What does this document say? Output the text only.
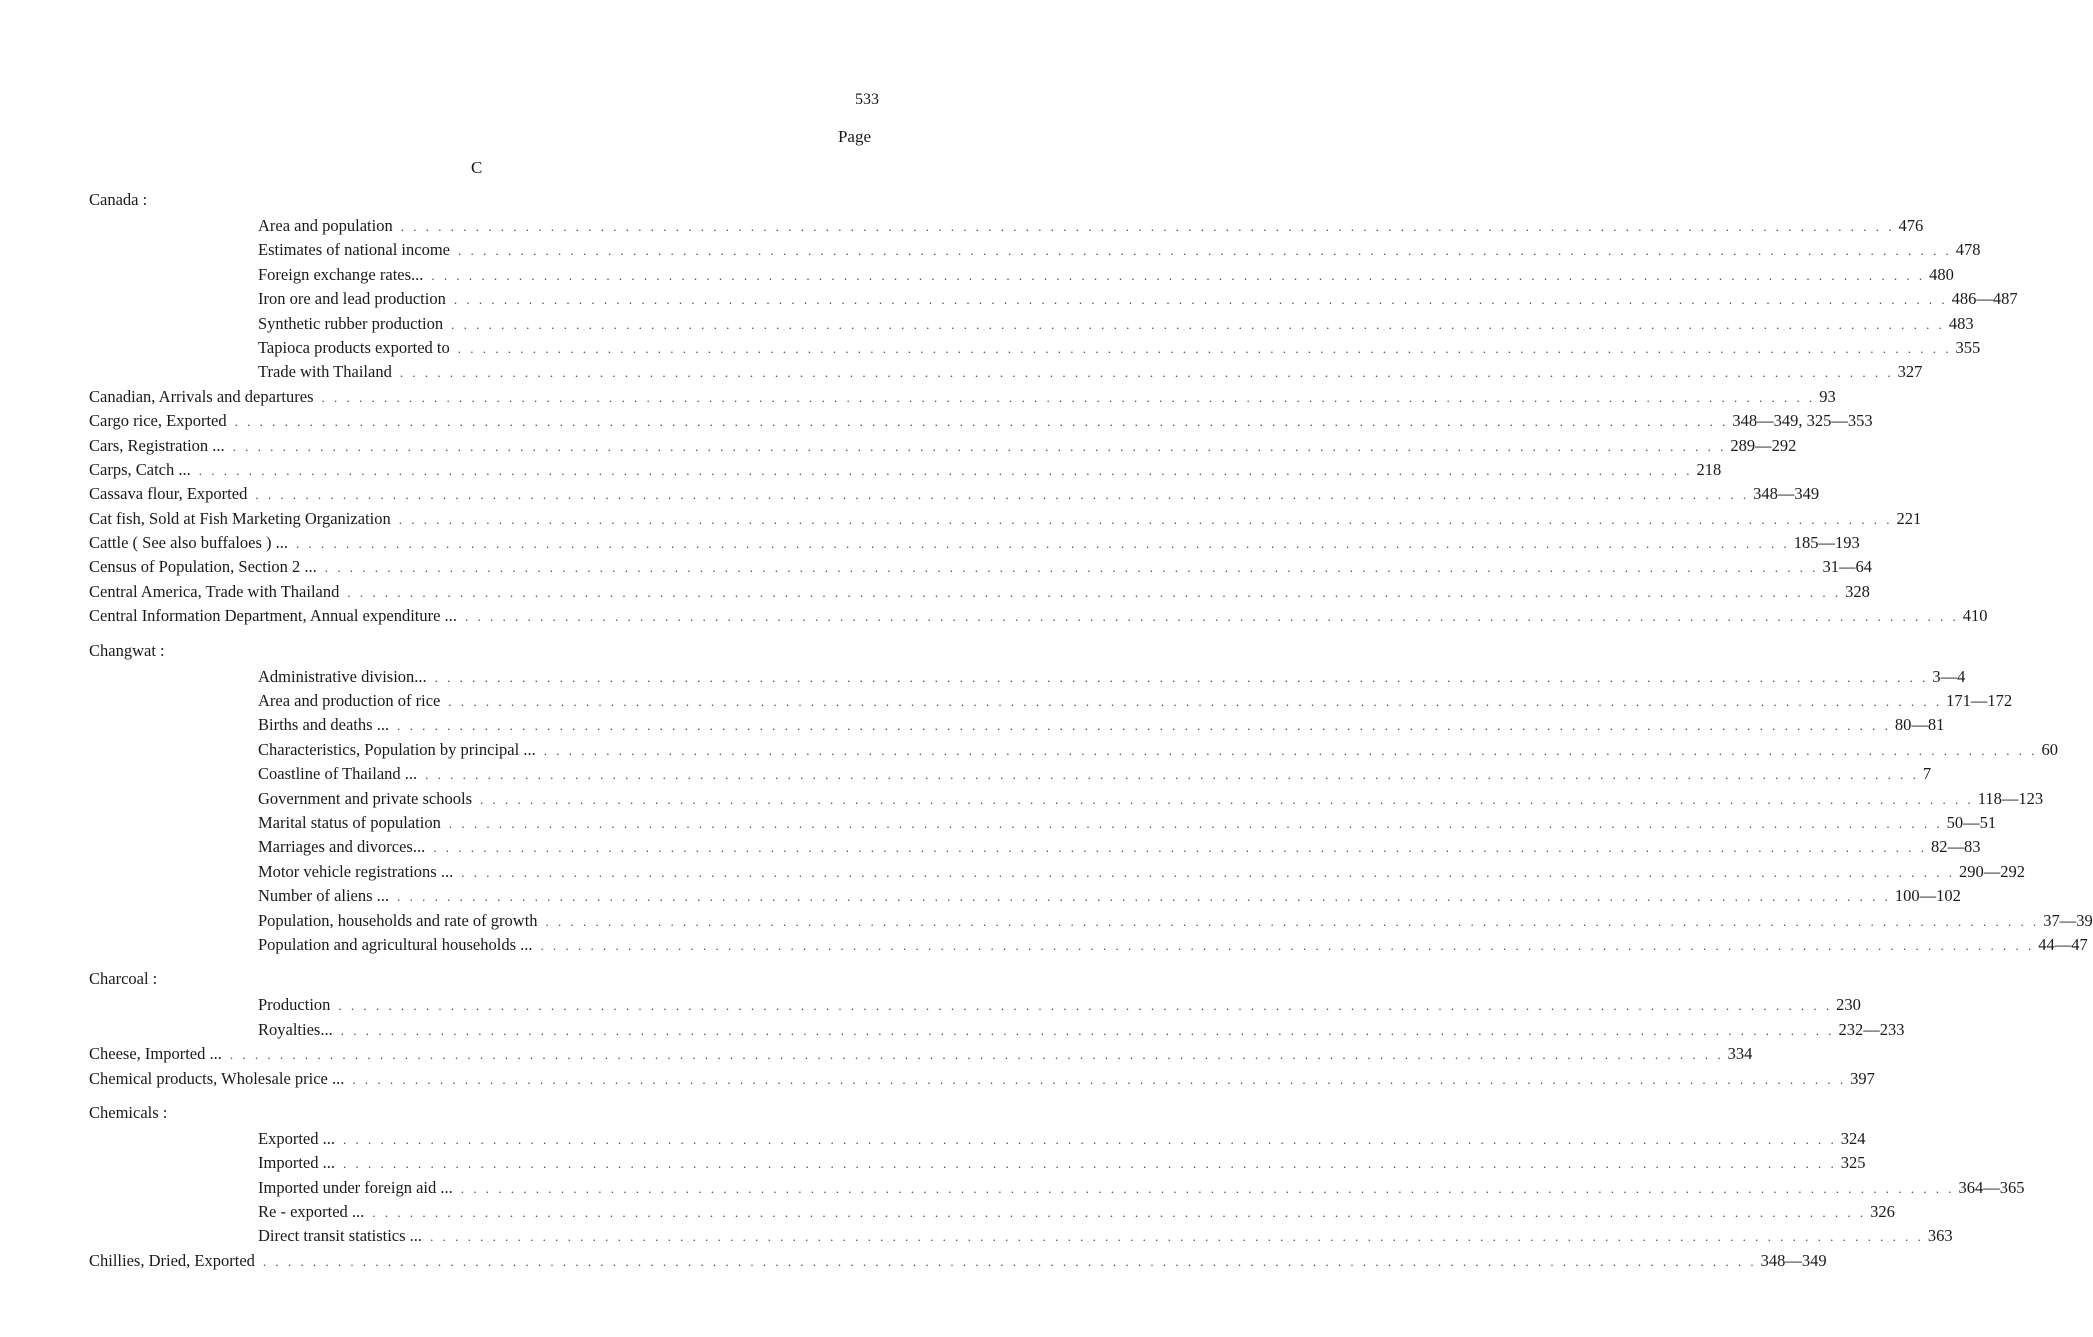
533
Page
C
Canada :
Area and population . . . . . . . . . . . . . . . . . . . . . . . . . . . . . . . . . . . . . . . . . . . . . . . . . . . . . . . . . . . . . . . . . . . . . . . . . . . . . . . . . . . . . . . . . . . . . . . . . . . . . . . . . . . . . . . . . . . . . . . . 476
Estimates of national income . . . . . . . . . . . . . . . . . . . . . . . . . . . . . . . . . . . . . . . . . . . . . . . . . . . . . . . . . . . . . . . . . . . . . . . . . . . . . . . . . . . . . . . . . . . . . . . . . . . . . . . . . . . . . . . . . . . . . . . . 478
Foreign exchange rates... . . . . . . . . . . . . . . . . . . . . . . . . . . . . . . . . . . . . . . . . . . . . . . . . . . . . . . . . . . . . . . . . . . . . . . . . . . . . . . . . . . . . . . . . . . . . . . . . . . . . . . . . . . . . . . . . . . . . . . . . 480
Iron ore and lead production . . . . . . . . . . . . . . . . . . . . . . . . . . . . . . . . . . . . . . . . . . . . . . . . . . . . . . . . . . . . . . . . . . . . . . . . . . . . . . . . . . . . . . . . . . . . . . . . . . . . . . . . . . . . . . . . . . . . . . . . 486—487
Synthetic rubber production . . . . . . . . . . . . . . . . . . . . . . . . . . . . . . . . . . . . . . . . . . . . . . . . . . . . . . . . . . . . . . . . . . . . . . . . . . . . . . . . . . . . . . . . . . . . . . . . . . . . . . . . . . . . . . . . . . . . . . . . 483
Tapioca products exported to . . . . . . . . . . . . . . . . . . . . . . . . . . . . . . . . . . . . . . . . . . . . . . . . . . . . . . . . . . . . . . . . . . . . . . . . . . . . . . . . . . . . . . . . . . . . . . . . . . . . . . . . . . . . . . . . . . . . . . . . 355
Trade with Thailand . . . . . . . . . . . . . . . . . . . . . . . . . . . . . . . . . . . . . . . . . . . . . . . . . . . . . . . . . . . . . . . . . . . . . . . . . . . . . . . . . . . . . . . . . . . . . . . . . . . . . . . . . . . . . . . . . . . . . . . . 327
Canadian, Arrivals and departures . . . . . . . . . . . . . . . . . . . . . . . . . . . . . . . . . . . . . . . . . . . . . . . . . . . . . . . . . . . . . . . . . . . . . . . . . . . . . . . . . . . . . . . . . . . . . . . . . . . . . . . . . . . . . . . . . . . . . . . . 93
Cargo rice, Exported . . . . . . . . . . . . . . . . . . . . . . . . . . . . . . . . . . . . . . . . . . . . . . . . . . . . . . . . . . . . . . . . . . . . . . . . . . . . . . . . . . . . . . . . . . . . . . . . . . . . . . . . . . . . . . . . . . . . . . . . 348—349, 325—353
Cars, Registration ... . . . . . . . . . . . . . . . . . . . . . . . . . . . . . . . . . . . . . . . . . . . . . . . . . . . . . . . . . . . . . . . . . . . . . . . . . . . . . . . . . . . . . . . . . . . . . . . . . . . . . . . . . . . . . . . . . . . . . . . . 289—292
Carps, Catch ... . . . . . . . . . . . . . . . . . . . . . . . . . . . . . . . . . . . . . . . . . . . . . . . . . . . . . . . . . . . . . . . . . . . . . . . . . . . . . . . . . . . . . . . . . . . . . . . . . . . . . . . . . . . . . . . . . . . . . . . . 218
Cassava flour, Exported . . . . . . . . . . . . . . . . . . . . . . . . . . . . . . . . . . . . . . . . . . . . . . . . . . . . . . . . . . . . . . . . . . . . . . . . . . . . . . . . . . . . . . . . . . . . . . . . . . . . . . . . . . . . . . . . . . . . . . . . 348—349
Cat fish, Sold at Fish Marketing Organization . . . . . . . . . . . . . . . . . . . . . . . . . . . . . . . . . . . . . . . . . . . . . . . . . . . . . . . . . . . . . . . . . . . . . . . . . . . . . . . . . . . . . . . . . . . . . . . . . . . . . . . . . . . . . . . . . . . . . . . . 221
Cattle ( See also buffaloes ) ... . . . . . . . . . . . . . . . . . . . . . . . . . . . . . . . . . . . . . . . . . . . . . . . . . . . . . . . . . . . . . . . . . . . . . . . . . . . . . . . . . . . . . . . . . . . . . . . . . . . . . . . . . . . . . . . . . . . . . . . . 185—193
Census of Population, Section 2 ... . . . . . . . . . . . . . . . . . . . . . . . . . . . . . . . . . . . . . . . . . . . . . . . . . . . . . . . . . . . . . . . . . . . . . . . . . . . . . . . . . . . . . . . . . . . . . . . . . . . . . . . . . . . . . . . . . . . . . . . . 31—64
Central America, Trade with Thailand . . . . . . . . . . . . . . . . . . . . . . . . . . . . . . . . . . . . . . . . . . . . . . . . . . . . . . . . . . . . . . . . . . . . . . . . . . . . . . . . . . . . . . . . . . . . . . . . . . . . . . . . . . . . . . . . . . . . . . . . 328
Central Information Department, Annual expenditure ... . . . . . . . . . . . . . . . . . . . . . . . . . . . . . . . . . . . . . . . . . . . . . . . . . . . . . . . . . . . . . . . . . . . . . . . . . . . . . . . . . . . . . . . . . . . . . . . . . . . . . . . . . . . . . . . . . . . . . . . . 410
Changwat :
Administrative division... . . . . . . . . . . . . . . . . . . . . . . . . . . . . . . . . . . . . . . . . . . . . . . . . . . . . . . . . . . . . . . . . . . . . . . . . . . . . . . . . . . . . . . . . . . . . . . . . . . . . . . . . . . . . . . . . . . . . . . . . 3—4
Area and production of rice . . . . . . . . . . . . . . . . . . . . . . . . . . . . . . . . . . . . . . . . . . . . . . . . . . . . . . . . . . . . . . . . . . . . . . . . . . . . . . . . . . . . . . . . . . . . . . . . . . . . . . . . . . . . . . . . . . . . . . . . 171—172
Births and deaths ... . . . . . . . . . . . . . . . . . . . . . . . . . . . . . . . . . . . . . . . . . . . . . . . . . . . . . . . . . . . . . . . . . . . . . . . . . . . . . . . . . . . . . . . . . . . . . . . . . . . . . . . . . . . . . . . . . . . . . . . . 80—81
Characteristics, Population by principal ... . . . . . . . . . . . . . . . . . . . . . . . . . . . . . . . . . . . . . . . . . . . . . . . . . . . . . . . . . . . . . . . . . . . . . . . . . . . . . . . . . . . . . . . . . . . . . . . . . . . . . . . . . . . . . . . . . . . . . . . . 60
Coastline of Thailand ... . . . . . . . . . . . . . . . . . . . . . . . . . . . . . . . . . . . . . . . . . . . . . . . . . . . . . . . . . . . . . . . . . . . . . . . . . . . . . . . . . . . . . . . . . . . . . . . . . . . . . . . . . . . . . . . . . . . . . . . . 7
Government and private schools . . . . . . . . . . . . . . . . . . . . . . . . . . . . . . . . . . . . . . . . . . . . . . . . . . . . . . . . . . . . . . . . . . . . . . . . . . . . . . . . . . . . . . . . . . . . . . . . . . . . . . . . . . . . . . . . . . . . . . . . 118—123
Marital status of population . . . . . . . . . . . . . . . . . . . . . . . . . . . . . . . . . . . . . . . . . . . . . . . . . . . . . . . . . . . . . . . . . . . . . . . . . . . . . . . . . . . . . . . . . . . . . . . . . . . . . . . . . . . . . . . . . . . . . . . . 50—51
Marriages and divorces... . . . . . . . . . . . . . . . . . . . . . . . . . . . . . . . . . . . . . . . . . . . . . . . . . . . . . . . . . . . . . . . . . . . . . . . . . . . . . . . . . . . . . . . . . . . . . . . . . . . . . . . . . . . . . . . . . . . . . . . . 82—83
Motor vehicle registrations ... . . . . . . . . . . . . . . . . . . . . . . . . . . . . . . . . . . . . . . . . . . . . . . . . . . . . . . . . . . . . . . . . . . . . . . . . . . . . . . . . . . . . . . . . . . . . . . . . . . . . . . . . . . . . . . . . . . . . . . . . 290—292
Number of aliens ... . . . . . . . . . . . . . . . . . . . . . . . . . . . . . . . . . . . . . . . . . . . . . . . . . . . . . . . . . . . . . . . . . . . . . . . . . . . . . . . . . . . . . . . . . . . . . . . . . . . . . . . . . . . . . . . . . . . . . . . . 100—102
Population, households and rate of growth . . . . . . . . . . . . . . . . . . . . . . . . . . . . . . . . . . . . . . . . . . . . . . . . . . . . . . . . . . . . . . . . . . . . . . . . . . . . . . . . . . . . . . . . . . . . . . . . . . . . . . . . . . . . . . . . . . . . . . . . 37—39
Population and agricultural households ... . . . . . . . . . . . . . . . . . . . . . . . . . . . . . . . . . . . . . . . . . . . . . . . . . . . . . . . . . . . . . . . . . . . . . . . . . . . . . . . . . . . . . . . . . . . . . . . . . . . . . . . . . . . . . . . . . . . . . . . . 44—47
Charcoal :
Production . . . . . . . . . . . . . . . . . . . . . . . . . . . . . . . . . . . . . . . . . . . . . . . . . . . . . . . . . . . . . . . . . . . . . . . . . . . . . . . . . . . . . . . . . . . . . . . . . . . . . . . . . . . . . . . . . . . . . . . . 230
Royalties... . . . . . . . . . . . . . . . . . . . . . . . . . . . . . . . . . . . . . . . . . . . . . . . . . . . . . . . . . . . . . . . . . . . . . . . . . . . . . . . . . . . . . . . . . . . . . . . . . . . . . . . . . . . . . . . . . . . . . . . . 232—233
Cheese, Imported ... . . . . . . . . . . . . . . . . . . . . . . . . . . . . . . . . . . . . . . . . . . . . . . . . . . . . . . . . . . . . . . . . . . . . . . . . . . . . . . . . . . . . . . . . . . . . . . . . . . . . . . . . . . . . . . . . . . . . . . . . 334
Chemical products, Wholesale price ... . . . . . . . . . . . . . . . . . . . . . . . . . . . . . . . . . . . . . . . . . . . . . . . . . . . . . . . . . . . . . . . . . . . . . . . . . . . . . . . . . . . . . . . . . . . . . . . . . . . . . . . . . . . . . . . . . . . . . . . . 397
Chemicals :
Exported ... . . . . . . . . . . . . . . . . . . . . . . . . . . . . . . . . . . . . . . . . . . . . . . . . . . . . . . . . . . . . . . . . . . . . . . . . . . . . . . . . . . . . . . . . . . . . . . . . . . . . . . . . . . . . . . . . . . . . . . . . 324
Imported ... . . . . . . . . . . . . . . . . . . . . . . . . . . . . . . . . . . . . . . . . . . . . . . . . . . . . . . . . . . . . . . . . . . . . . . . . . . . . . . . . . . . . . . . . . . . . . . . . . . . . . . . . . . . . . . . . . . . . . . . . 325
Imported under foreign aid ... . . . . . . . . . . . . . . . . . . . . . . . . . . . . . . . . . . . . . . . . . . . . . . . . . . . . . . . . . . . . . . . . . . . . . . . . . . . . . . . . . . . . . . . . . . . . . . . . . . . . . . . . . . . . . . . . . . . . . . . . 364—365
Re - exported ... . . . . . . . . . . . . . . . . . . . . . . . . . . . . . . . . . . . . . . . . . . . . . . . . . . . . . . . . . . . . . . . . . . . . . . . . . . . . . . . . . . . . . . . . . . . . . . . . . . . . . . . . . . . . . . . . . . . . . . . . 326
Direct transit statistics ... . . . . . . . . . . . . . . . . . . . . . . . . . . . . . . . . . . . . . . . . . . . . . . . . . . . . . . . . . . . . . . . . . . . . . . . . . . . . . . . . . . . . . . . . . . . . . . . . . . . . . . . . . . . . . . . . . . . . . . . . 363
Chillies, Dried, Exported . . . . . . . . . . . . . . . . . . . . . . . . . . . . . . . . . . . . . . . . . . . . . . . . . . . . . . . . . . . . . . . . . . . . . . . . . . . . . . . . . . . . . . . . . . . . . . . . . . . . . . . . . . . . . . . . . . . . . . . . 348—349
